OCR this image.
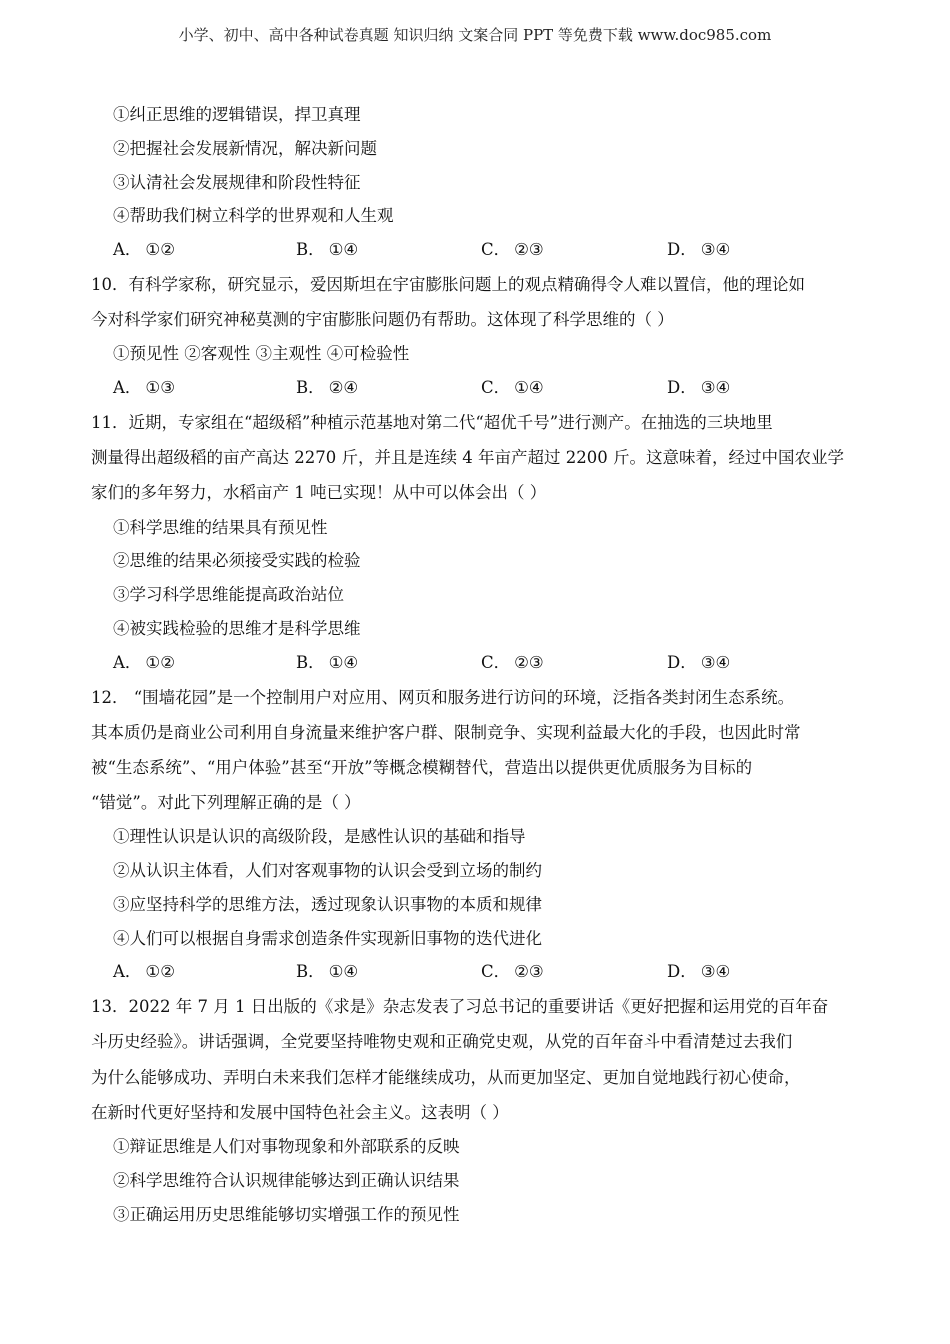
小学、初中、高中各种试卷真题 知识归纳 文案合同 PPT 等免费下载 www.doc985.com
①纠正思维的逻辑错误，捍卫真理
②把握社会发展新情况，解决新问题
③认清社会发展规律和阶段性特征
④帮助我们树立科学的世界观和人生观
A． ①②	B． ①④	C． ②③	D． ③④
10．有科学家称，研究显示，爱因斯坦在宇宙膨胀问题上的观点精确得令人难以置信，他的理论如
今对科学家们研究神秘莫测的宇宙膨胀问题仍有帮助。这体现了科学思维的（ ）
①预见性 ②客观性 ③主观性 ④可检验性
A． ①③	B． ②④	C． ①④	D． ③④
11．近期，专家组在“超级稻”种植示范基地对第二代“超优千号”进行测产。在抽选的三块地里
测量得出超级稻的亩产高达 2270 斤，并且是连续 4 年亩产超过 2200 斤。这意味着，经过中国农业学
家们的多年努力，水稻亩产 1 吨已实现！从中可以体会出（ ）
①科学思维的结果具有预见性
②思维的结果必须接受实践的检验
③学习科学思维能提高政治站位
④被实践检验的思维才是科学思维
A． ①②	B． ①④	C． ②③	D． ③④
12． “围墙花园”是一个控制用户对应用、网页和服务进行访问的环境，泛指各类封闭生态系统。
其本质仍是商业公司利用自身流量来维护客户群、限制竞争、实现利益最大化的手段，也因此时常
被“生态系统”、“用户体验”甚至“开放”等概念模糊替代，营造出以提供更优质服务为目标的
“错觉”。对此下列理解正确的是（ ）
①理性认识是认识的高级阶段，是感性认识的基础和指导
②从认识主体看，人们对客观事物的认识会受到立场的制约
③应坚持科学的思维方法，透过现象认识事物的本质和规律
④人们可以根据自身需求创造条件实现新旧事物的迭代进化
A． ①②	B． ①④	C． ②③	D． ③④
13．2022 年 7 月 1 日出版的《求是》杂志发表了习总书记的重要讲话《更好把握和运用党的百年奋
斗历史经验》。讲话强调，全党要坚持唯物史观和正确党史观，从党的百年奋斗中看清楚过去我们
为什么能够成功、弄明白未来我们怎样才能继续成功，从而更加坚定、更加自觉地践行初心使命，
在新时代更好坚持和发展中国特色社会主义。这表明（ ）
①辩证思维是人们对事物现象和外部联系的反映
②科学思维符合认识规律能够达到正确认识结果
③正确运用历史思维能够切实增强工作的预见性
